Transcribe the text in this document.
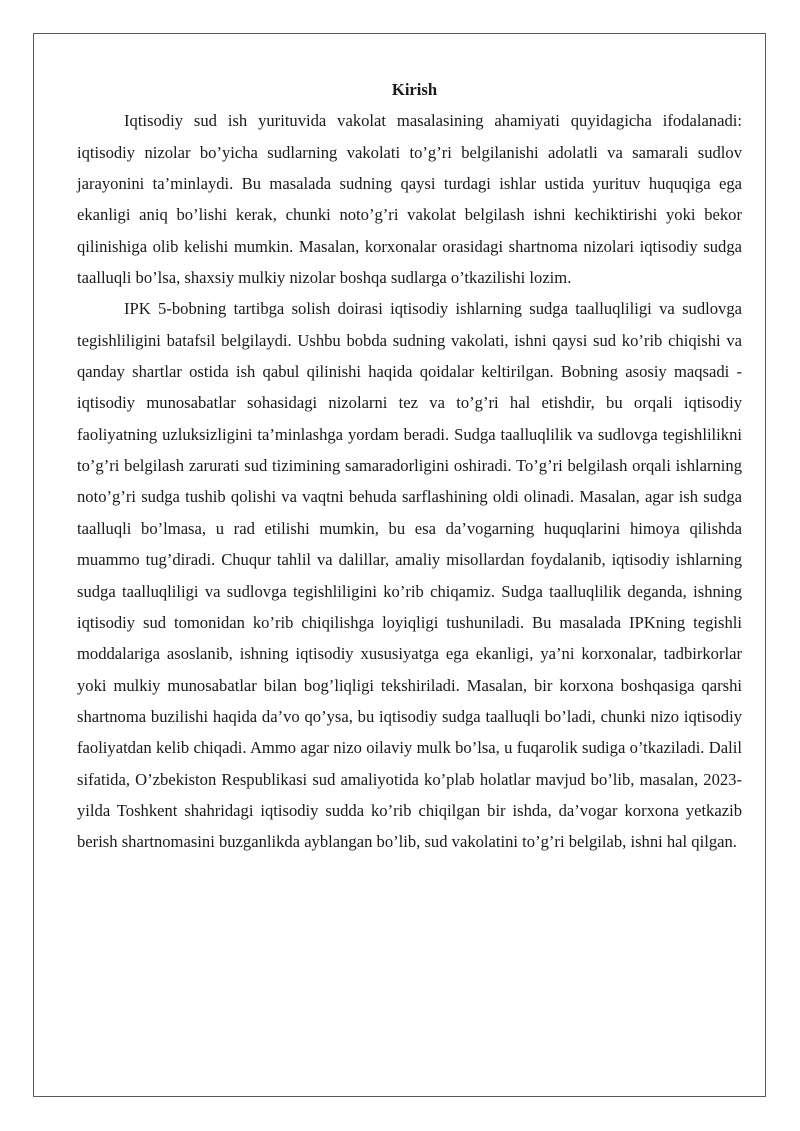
Kirish

Iqtisodiy sud ish yurituvida vakolat masalasining ahamiyati quyidagicha ifodalanadi: iqtisodiy nizolar bo’yicha sudlarning vakolati to’g’ri belgilanishi adolatli va samarali sudlov jarayonini ta’minlaydi. Bu masalada sudning qaysi turdagi ishlar ustida yurituv huquqiga ega ekanligi aniq bo’lishi kerak, chunki noto’g’ri vakolat belgilash ishni kechiktirishi yoki bekor qilinishiga olib kelishi mumkin. Masalan, korxonalar orasidagi shartnoma nizolari iqtisodiy sudga taalluqli bo’lsa, shaxsiy mulkiy nizolar boshqa sudlarga o’tkazilishi lozim.

IPK 5-bobning tartibga solish doirasi iqtisodiy ishlarning sudga taalluqliligi va sudlovga tegishliligini batafsil belgilaydi. Ushbu bobda sudning vakolati, ishni qaysi sud ko’rib chiqishi va qanday shartlar ostida ish qabul qilinishi haqida qoidalar keltirilgan. Bobning asosiy maqsadi - iqtisodiy munosabatlar sohasidagi nizolarni tez va to’g’ri hal etishdir, bu orqali iqtisodiy faoliyatning uzluksizligini ta’minlashga yordam beradi. Sudga taalluqlilik va sudlovga tegishlilikni to’g’ri belgilash zarurati sud tizimining samaradorligini oshiradi. To’g’ri belgilash orqali ishlarning noto’g’ri sudga tushib qolishi va vaqtni behuda sarflashining oldi olinadi. Masalan, agar ish sudga taalluqli bo’lmasa, u rad etilishi mumkin, bu esa da’vogarning huquqlarini himoya qilishda muammo tug’diradi. Chuqur tahlil va dalillar, amaliy misollardan foydalanib, iqtisodiy ishlarning sudga taalluqliligi va sudlovga tegishliligini ko’rib chiqamiz. Sudga taalluqlilik deganda, ishning iqtisodiy sud tomonidan ko’rib chiqilishga loyiqligi tushuniladi. Bu masalada IPKning tegishli moddalariga asoslanib, ishning iqtisodiy xususiyatga ega ekanligi, ya’ni korxonalar, tadbirkorlar yoki mulkiy munosabatlar bilan bog’liqligi tekshiriladi. Masalan, bir korxona boshqasiga qarshi shartnoma buzilishi haqida da’vo qo’ysa, bu iqtisodiy sudga taalluqli bo’ladi, chunki nizo iqtisodiy faoliyatdan kelib chiqadi. Ammo agar nizo oilaviy mulk bo’lsa, u fuqarolik sudiga o’tkaziladi. Dalil sifatida, O’zbekiston Respublikasi sud amaliyotida ko’plab holatlar mavjud bo’lib, masalan, 2023-yilda Toshkent shahridagi iqtisodiy sudda ko’rib chiqilgan bir ishda, da’vogar korxona yetkazib berish shartnomasini buzganlikda ayblangan bo’lib, sud vakolatini to’g’ri belgilab, ishni hal qilgan.
